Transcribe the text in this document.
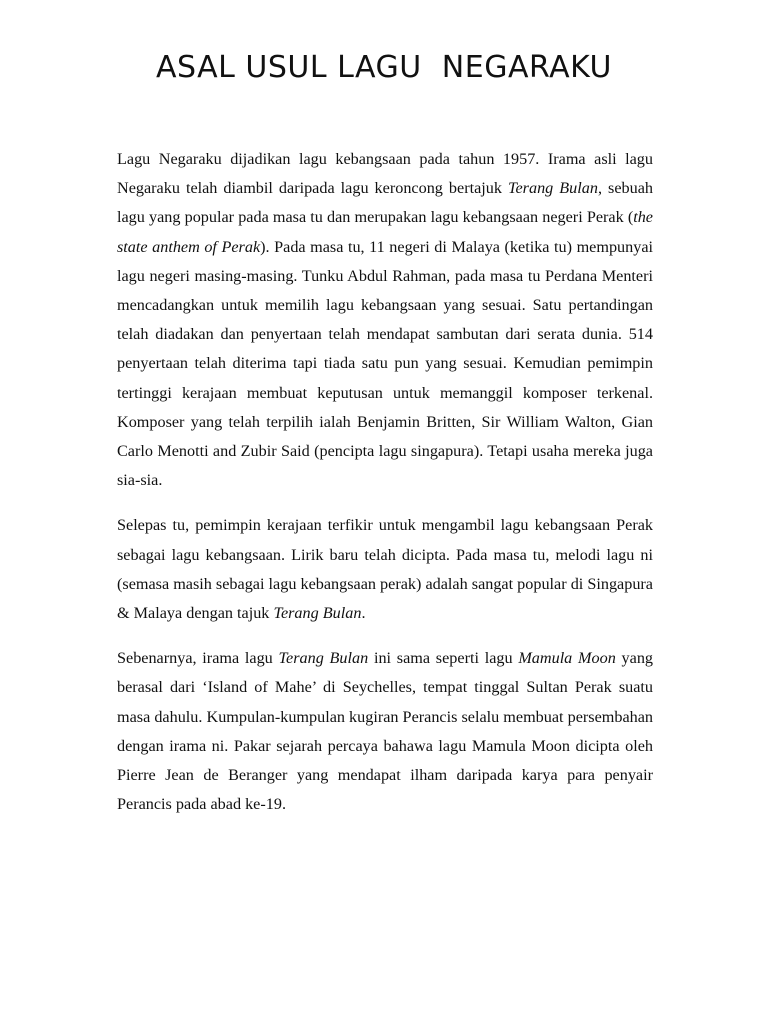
ASAL USUL LAGU  NEGARAKU

Lagu Negaraku dijadikan lagu kebangsaan pada tahun 1957. Irama asli lagu Negaraku telah diambil daripada lagu keroncong bertajuk Terang Bulan, sebuah lagu yang popular pada masa tu dan merupakan lagu kebangsaan negeri Perak (the state anthem of Perak). Pada masa tu, 11 negeri di Malaya (ketika tu) mempunyai lagu negeri masing-masing. Tunku Abdul Rahman, pada masa tu Perdana Menteri mencadangkan untuk memilih lagu kebangsaan yang sesuai. Satu pertandingan telah diadakan dan penyertaan telah mendapat sambutan dari serata dunia. 514 penyertaan telah diterima tapi tiada satu pun yang sesuai. Kemudian pemimpin tertinggi kerajaan membuat keputusan untuk memanggil komposer terkenal. Komposer yang telah terpilih ialah Benjamin Britten, Sir William Walton, Gian Carlo Menotti and Zubir Said (pencipta lagu singapura). Tetapi usaha mereka juga sia-sia.

Selepas tu, pemimpin kerajaan terfikir untuk mengambil lagu kebangsaan Perak sebagai lagu kebangsaan. Lirik baru telah dicipta. Pada masa tu, melodi lagu ni (semasa masih sebagai lagu kebangsaan perak) adalah sangat popular di Singapura & Malaya dengan tajuk Terang Bulan.

Sebenarnya, irama lagu Terang Bulan ini sama seperti lagu Mamula Moon yang berasal dari ‘Island of Mahe’ di Seychelles, tempat tinggal Sultan Perak suatu masa dahulu. Kumpulan-kumpulan kugiran Perancis selalu membuat persembahan dengan irama ni. Pakar sejarah percaya bahawa lagu Mamula Moon dicipta oleh Pierre Jean de Beranger yang mendapat ilham daripada karya para penyair Perancis pada abad ke-19.
